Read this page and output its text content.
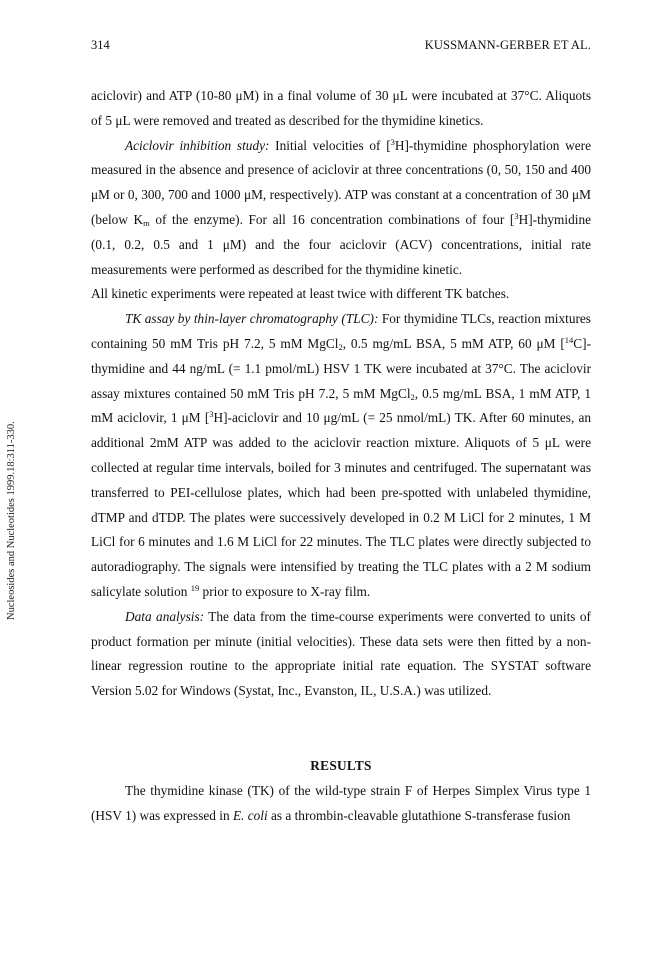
314	KUSSMANN-GERBER ET AL.
Nucleosides and Nucleotides 1999.18:311-330.

aciclovir) and ATP (10-80 μM) in a final volume of 30 μL were incubated at 37°C. Aliquots of 5 μL were removed and treated as described for the thymidine kinetics.

Aciclovir inhibition study: Initial velocities of [$^3$H]-thymidine phosphorylation were measured in the absence and presence of aciclovir at three concentrations (0, 50, 150 and 400 μM or 0, 300, 700 and 1000 μM, respectively). ATP was constant at a concentration of 30 μM (below $K_m$ of the enzyme). For all 16 concentration combinations of four [$^3$H]-thymidine (0.1, 0.2, 0.5 and 1 μM) and the four aciclovir (ACV) concentrations, initial rate measurements were performed as described for the thymidine kinetic.

All kinetic experiments were repeated at least twice with different TK batches.

TK assay by thin-layer chromatography (TLC): For thymidine TLCs, reaction mixtures containing 50 mM Tris pH 7.2, 5 mM MgCl$_2$, 0.5 mg/mL BSA, 5 mM ATP, 60 μM [$^{14}$C]-thymidine and 44 ng/mL (= 1.1 pmol/mL) HSV 1 TK were incubated at 37°C. The aciclovir assay mixtures contained 50 mM Tris pH 7.2, 5 mM MgCl$_2$, 0.5 mg/mL BSA, 1 mM ATP, 1 mM aciclovir, 1 μM [$^3$H]-aciclovir and 10 μg/mL (= 25 nmol/mL) TK. After 60 minutes, an additional 2mM ATP was added to the aciclovir reaction mixture. Aliquots of 5 μL were collected at regular time intervals, boiled for 3 minutes and centrifuged. The supernatant was transferred to PEI-cellulose plates, which had been pre-spotted with unlabeled thymidine, dTMP and dTDP. The plates were successively developed in 0.2 M LiCl for 2 minutes, 1 M LiCl for 6 minutes and 1.6 M LiCl for 22 minutes. The TLC plates were directly subjected to autoradiography. The signals were intensified by treating the TLC plates with a 2 M sodium salicylate solution $^{19}$ prior to exposure to X-ray film.

Data analysis: The data from the time-course experiments were converted to units of product formation per minute (initial velocities). These data sets were then fitted by a non-linear regression routine to the appropriate initial rate equation. The SYSTAT software Version 5.02 for Windows (Systat, Inc., Evanston, IL, U.S.A.) was utilized.

RESULTS

The thymidine kinase (TK) of the wild-type strain F of Herpes Simplex Virus type 1 (HSV 1) was expressed in E. coli as a thrombin-cleavable glutathione S-transferase fusion
